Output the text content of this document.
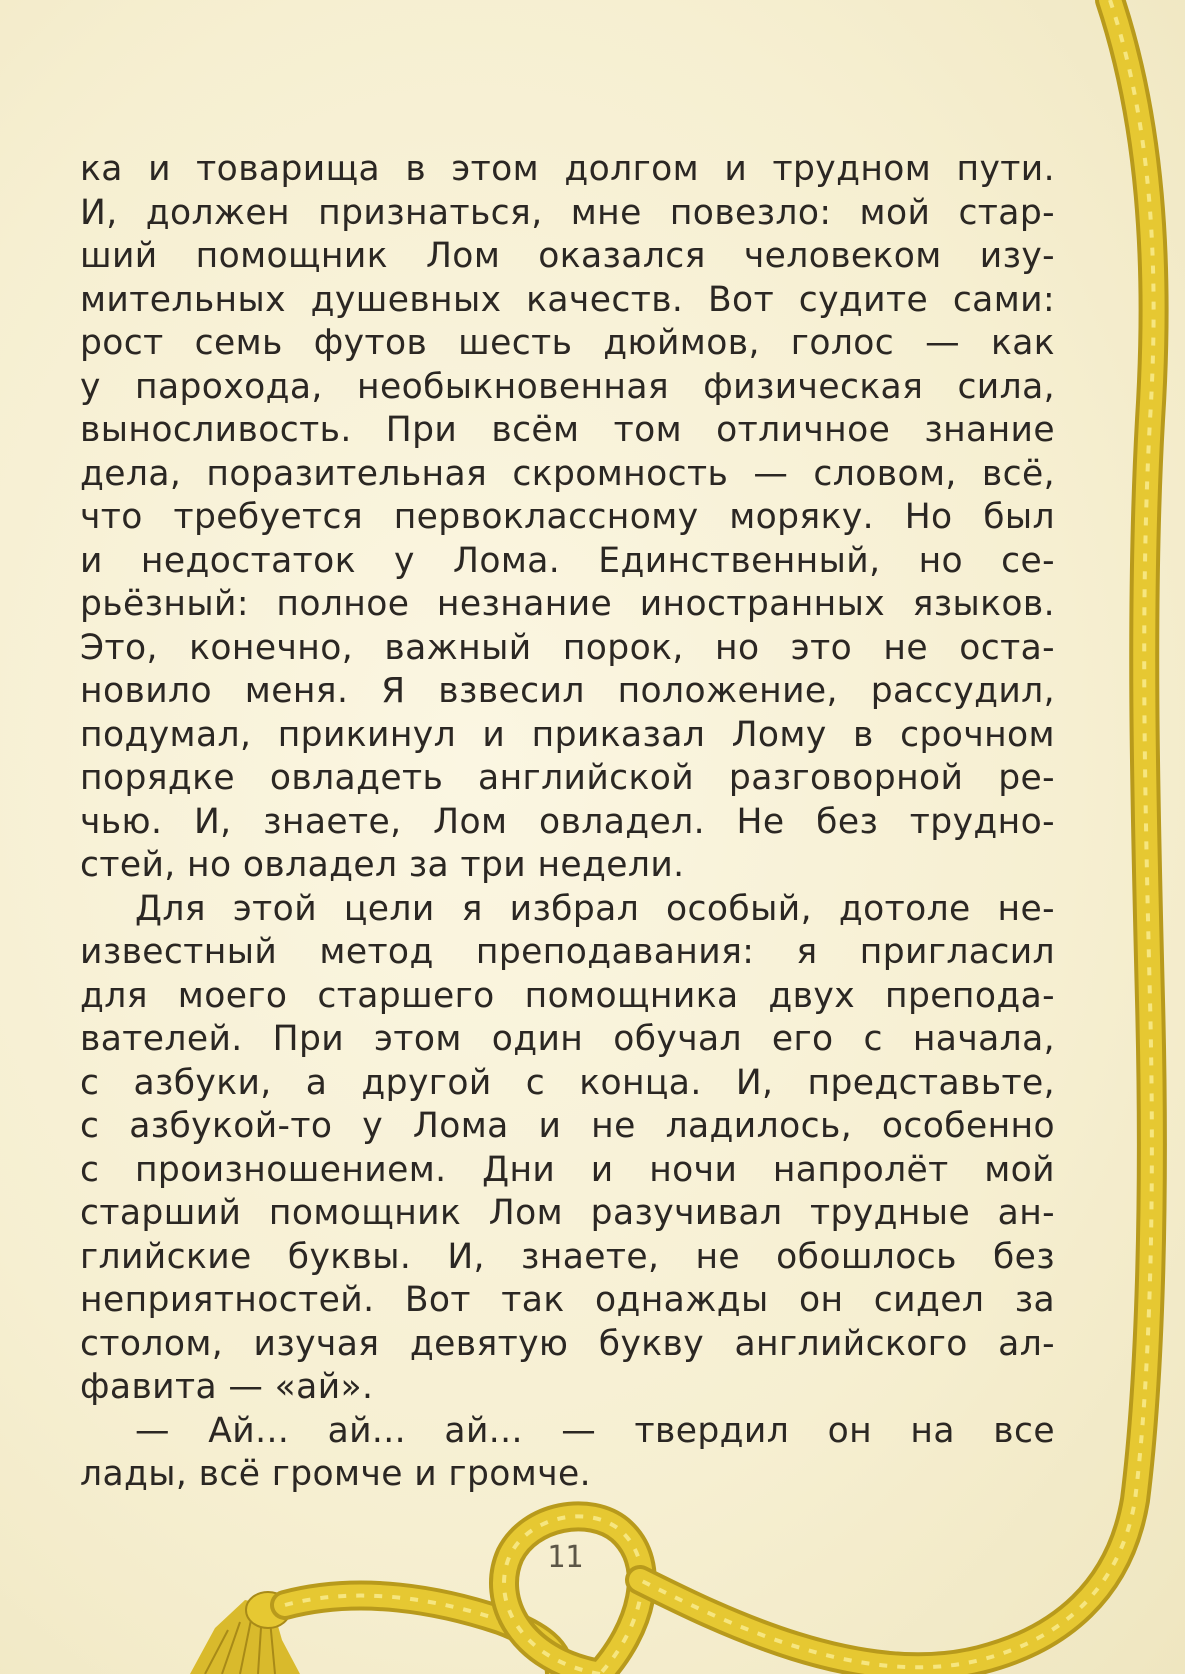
ка и товарища в этом долгом и трудном пути.
И, должен признаться, мне повезло: мой стар-
ший помощник Лом оказался человеком изу-
мительных душевных качеств. Вот судите сами:
рост семь футов шесть дюймов, голос — как
у парохода, необыкновенная физическая сила,
выносливость. При всём том отличное знание
дела, поразительная скромность — словом, всё,
что требуется первоклассному моряку. Но был
и недостаток у Лома. Единственный, но се-
рьёзный: полное незнание иностранных языков.
Это, конечно, важный порок, но это не оста-
новило меня. Я взвесил положение, рассудил,
подумал, прикинул и приказал Лому в срочном
порядке овладеть английской разговорной ре-
чью. И, знаете, Лом овладел. Не без трудно-
стей, но овладел за три недели.
Для этой цели я избрал особый, дотоле не-
известный метод преподавания: я пригласил
для моего старшего помощника двух препода-
вателей. При этом один обучал его с начала,
с азбуки, а другой с конца. И, представьте,
с азбукой-то у Лома и не ладилось, особенно
с произношением. Дни и ночи напролёт мой
старший помощник Лом разучивал трудные ан-
глийские буквы. И, знаете, не обошлось без
неприятностей. Вот так однажды он сидел за
столом, изучая девятую букву английского ал-
фавита — «ай».
— Ай... ай... ай... — твердил он на все
лады, всё громче и громче.
11
